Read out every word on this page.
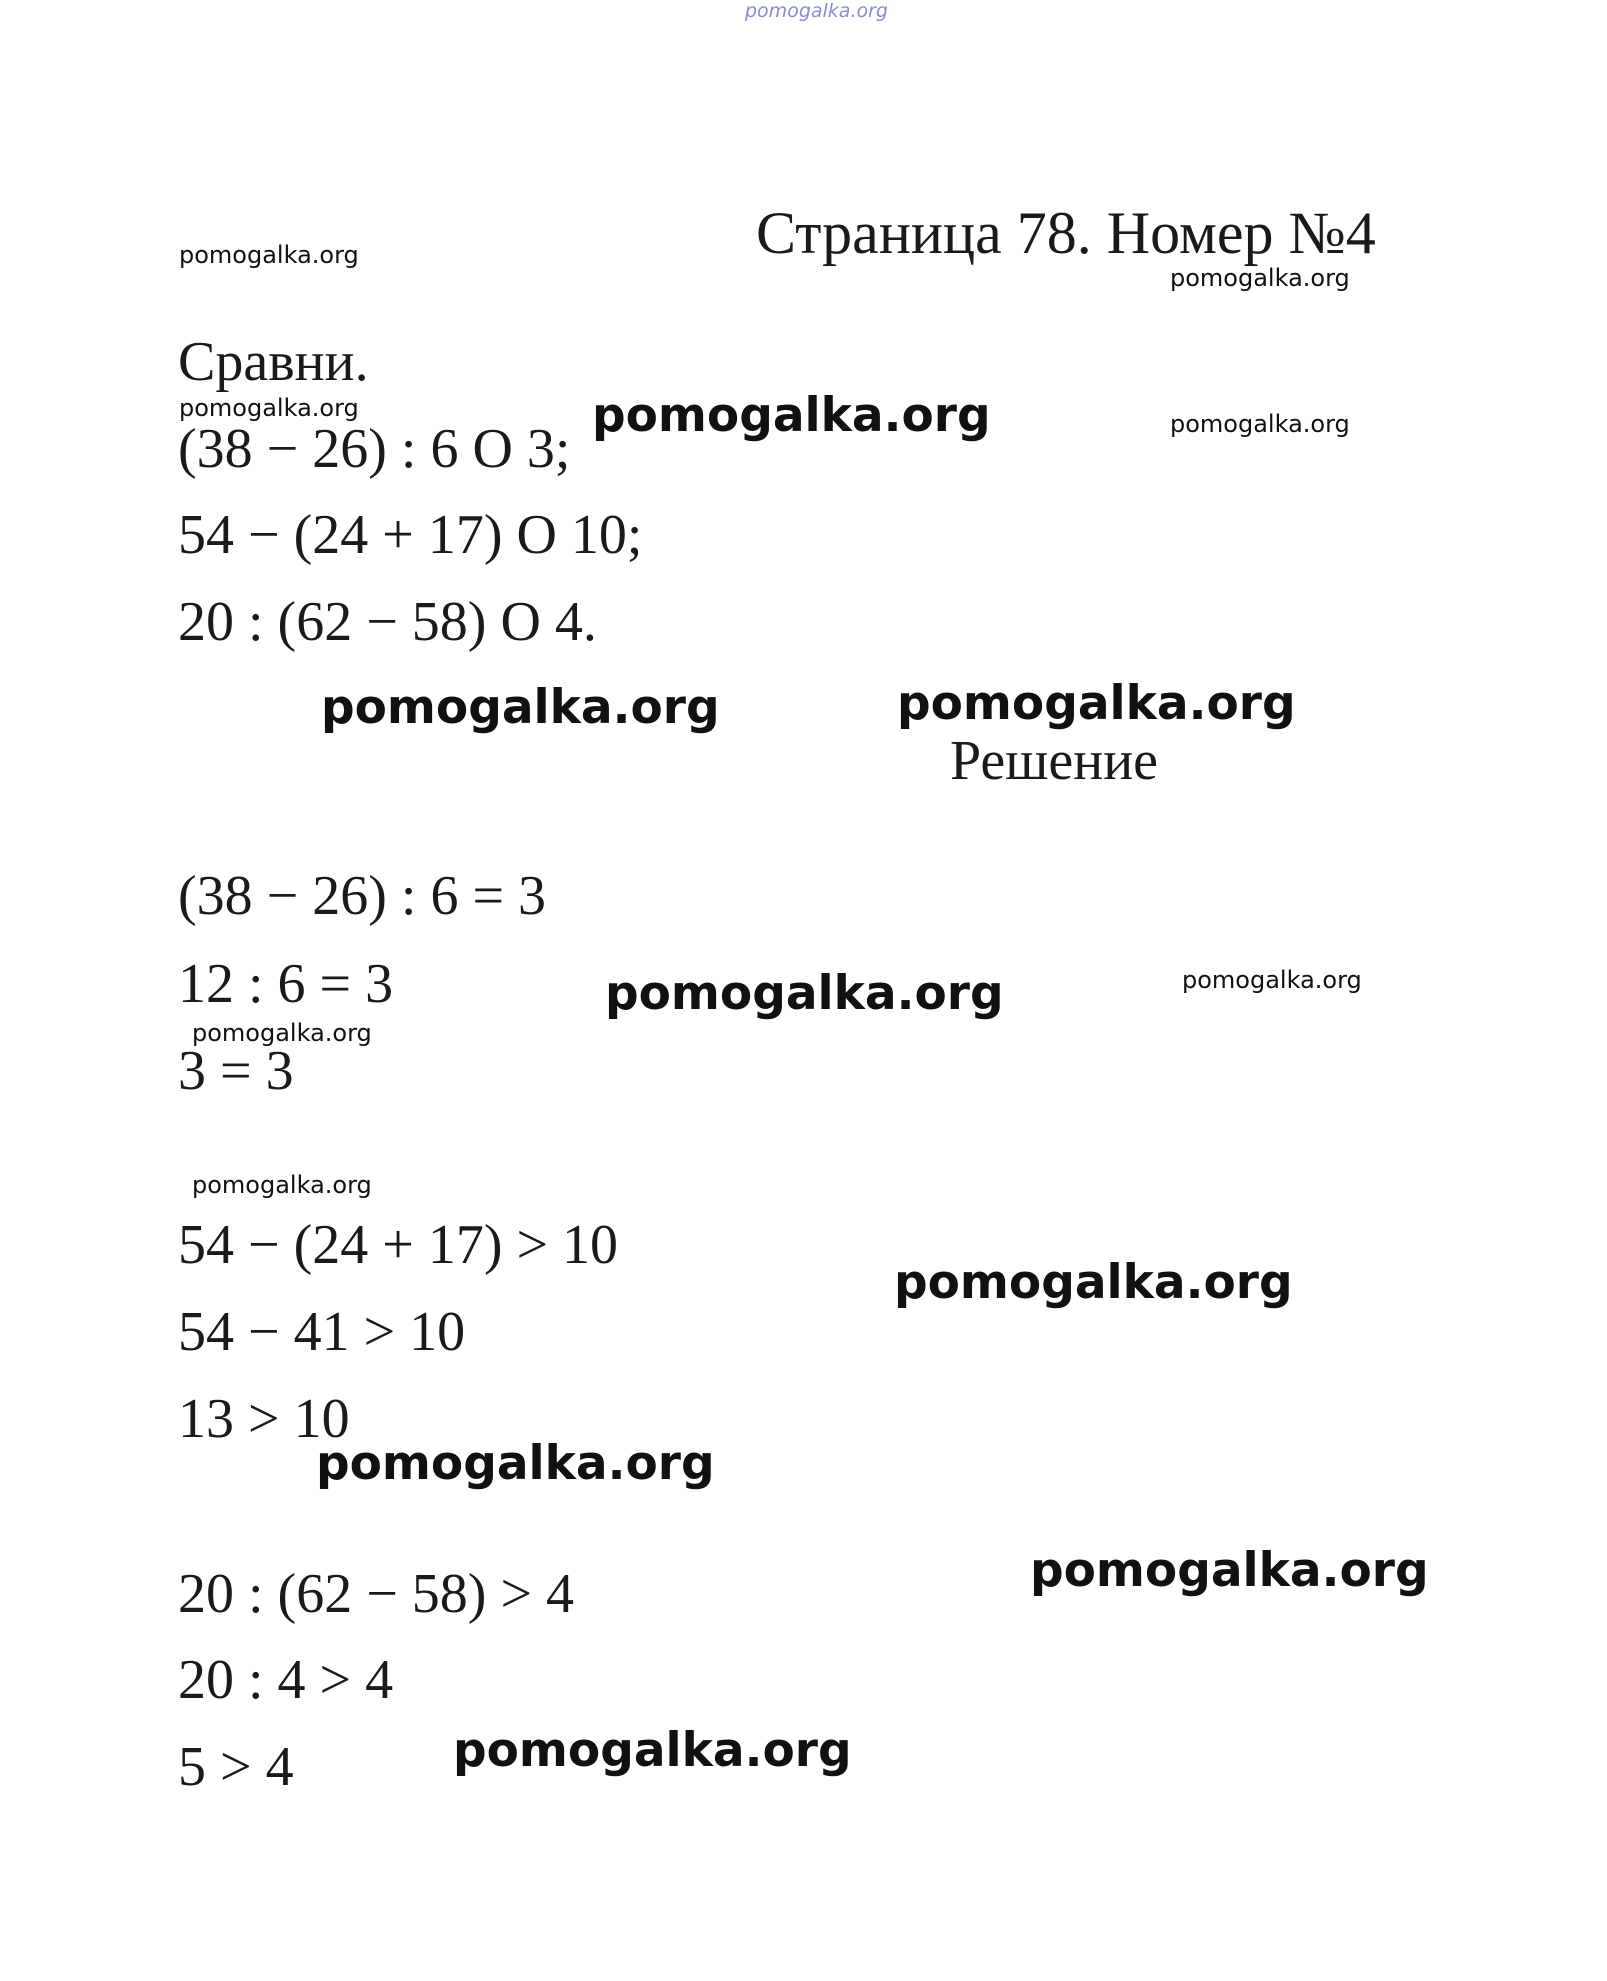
pomogalka.org
Страница 78. Номер №4
Сравни.
(38 − 26) : 6 O 3;
54 − (24 + 17) O 10;
20 : (62 − 58) O 4.
Решение
(38 − 26) : 6 = 3
12 : 6 = 3
3 = 3
54 − (24 + 17) > 10
54 − 41 > 10
13 > 10
20 : (62 − 58) > 4
20 : 4 > 4
5 > 4
pomogalka.org
pomogalka.org
pomogalka.org
pomogalka.org
pomogalka.org
pomogalka.org
pomogalka.org
pomogalka.org
pomogalka.org	pomogalka.org
pomogalka.org
pomogalka.org
pomogalka.org
pomogalka.org
pomogalka.org
